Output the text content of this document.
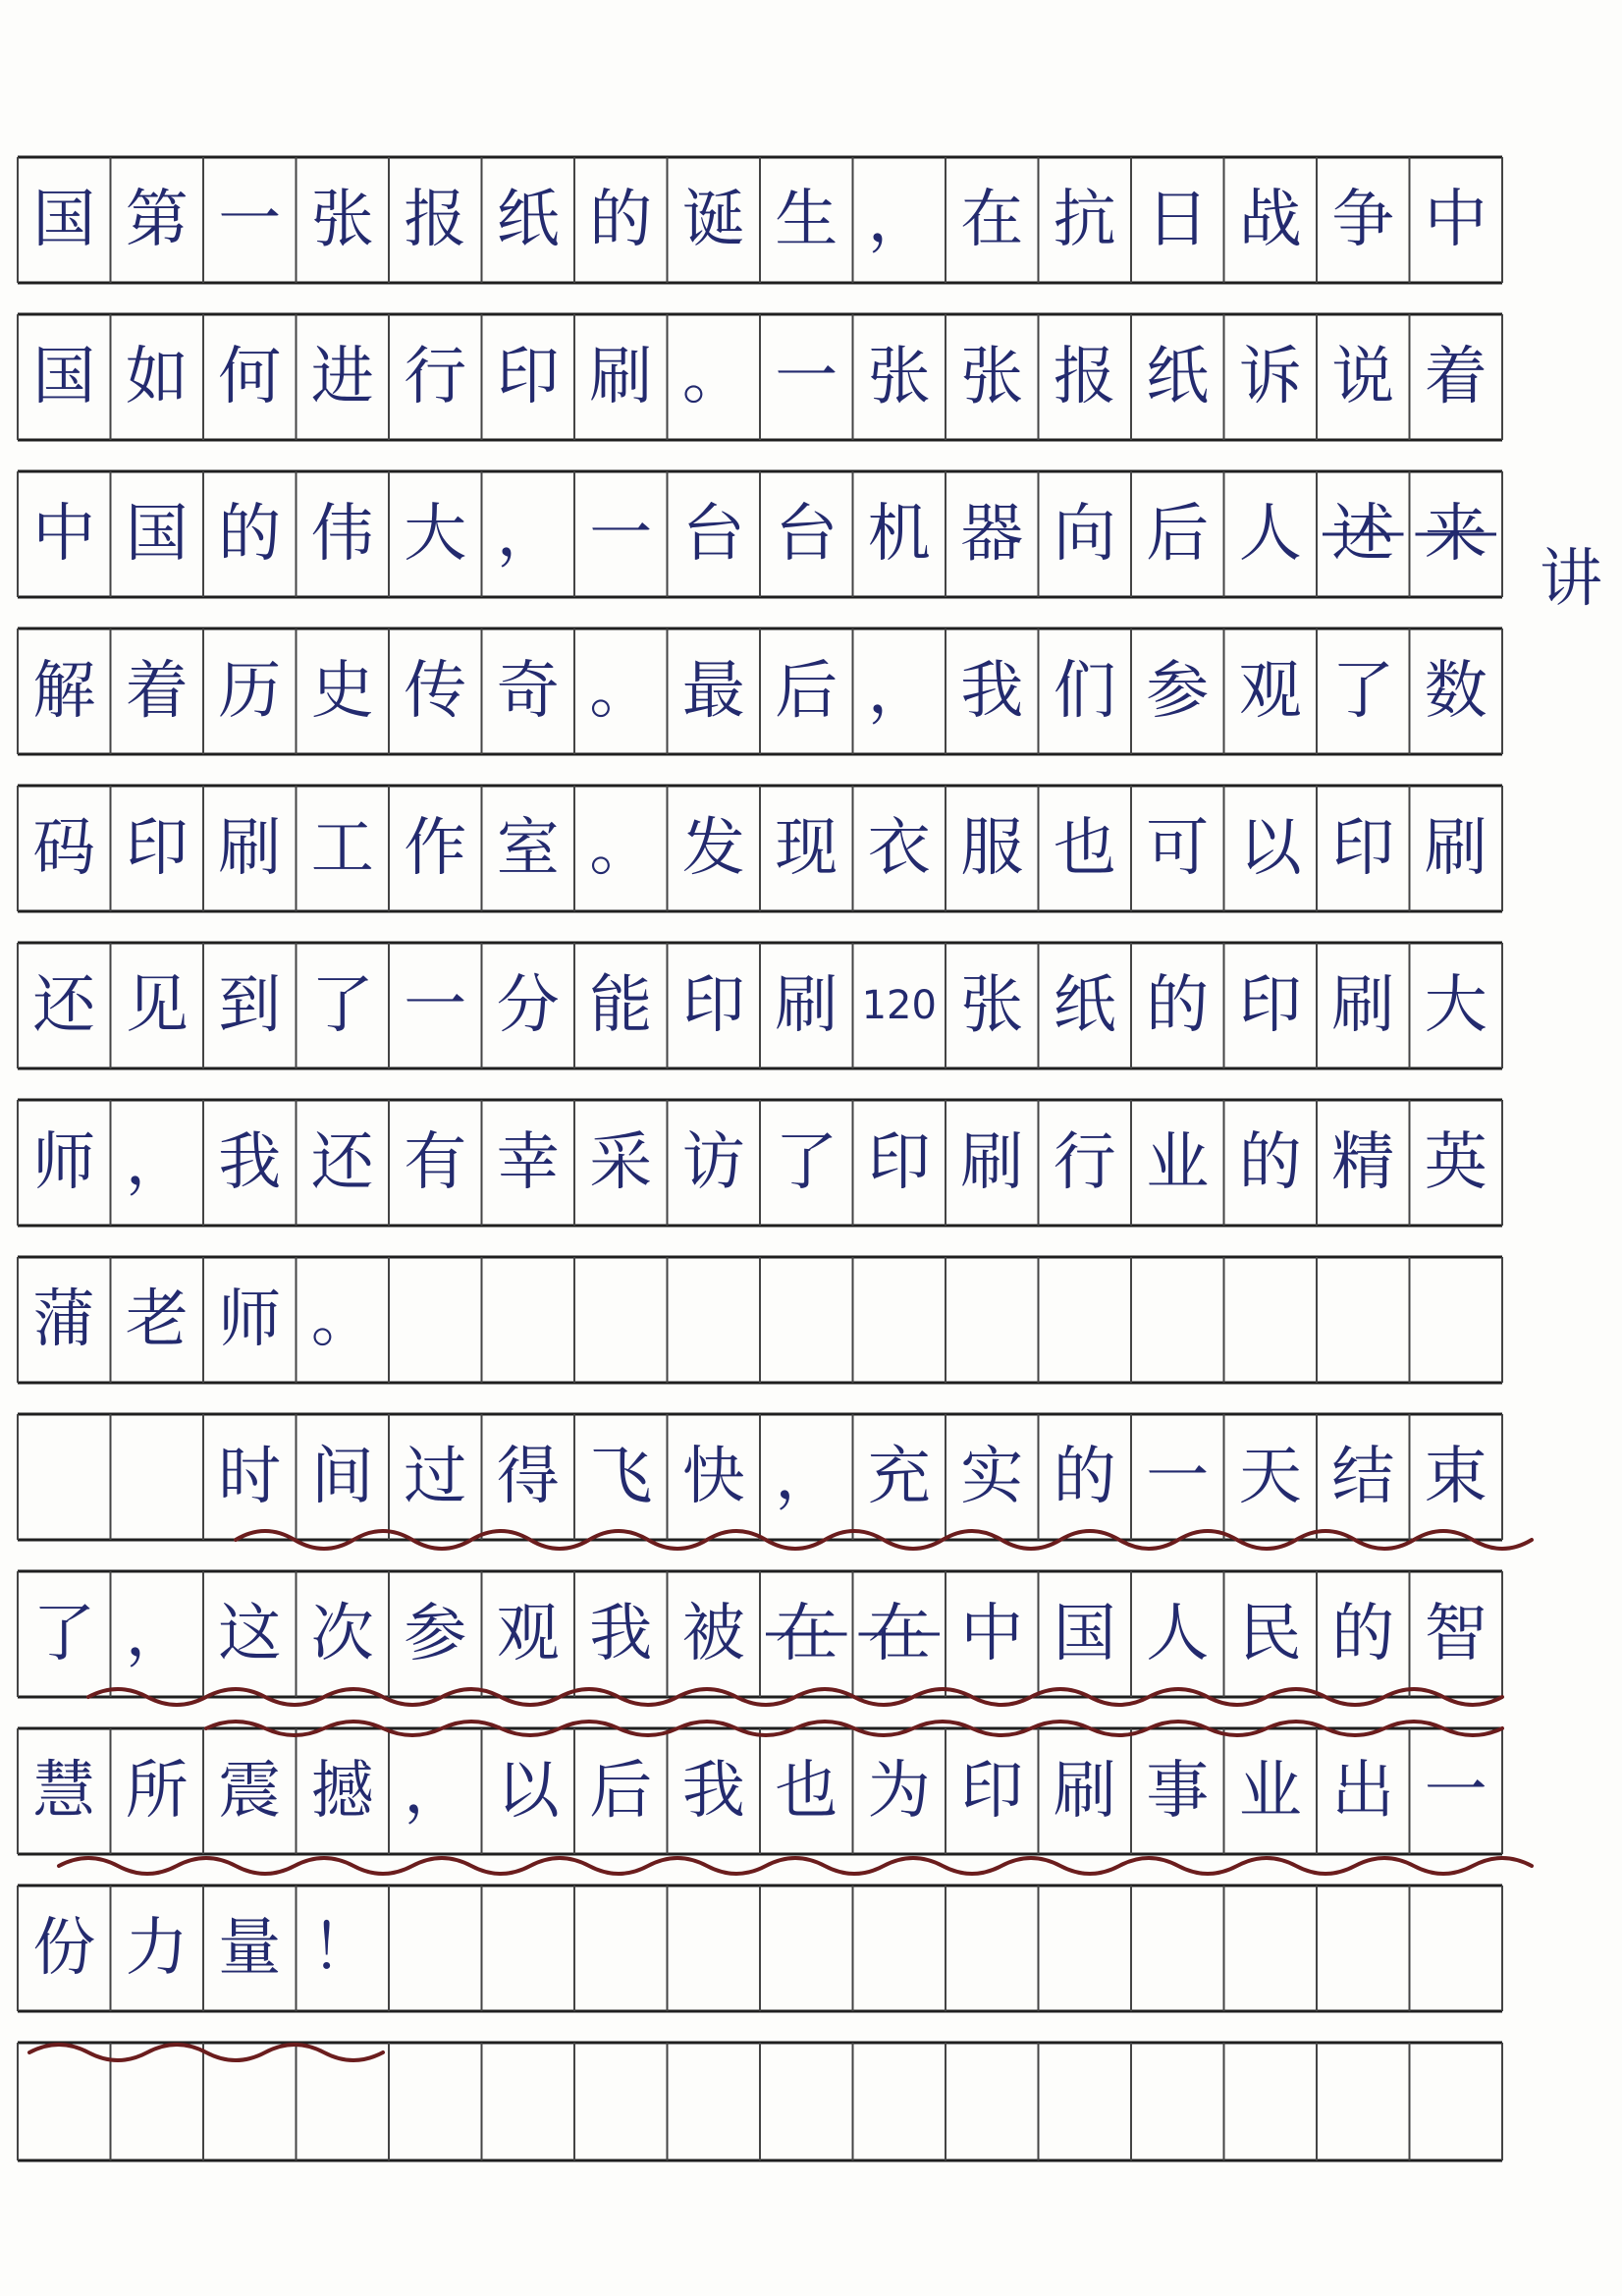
国 第 一 张 报 纸 的 诞 生 ， 在 抗 日 战 争 中
国 如 何 进 行 印 刷 。 一 张 张 报 纸 诉 说 着
中 国 的 伟 大 ， 一 台 台 机 器 向 后 人 述 来
解 着 历 史 传 奇 。 最 后 ， 我 们 参 观 了 数
码 印 刷 工 作 室 。 发 现 衣 服 也 可 以 印 刷
还 见 到 了 一 分 能 印 刷 120 张 纸 的 印 刷 大
师 ， 我 还 有 幸 采 访 了 印 刷 行 业 的 精 英
蒲 老 师 。
时 间 过 得 飞 快 ， 充 实 的 一 天 结 束
了 ， 这 次 参 观 我 被 在 在 中 国 人 民 的 智
慧 所 震 撼 ， 以 后 我 也 为 印 刷 事 业 出 一
份 力 量 ！
讲
